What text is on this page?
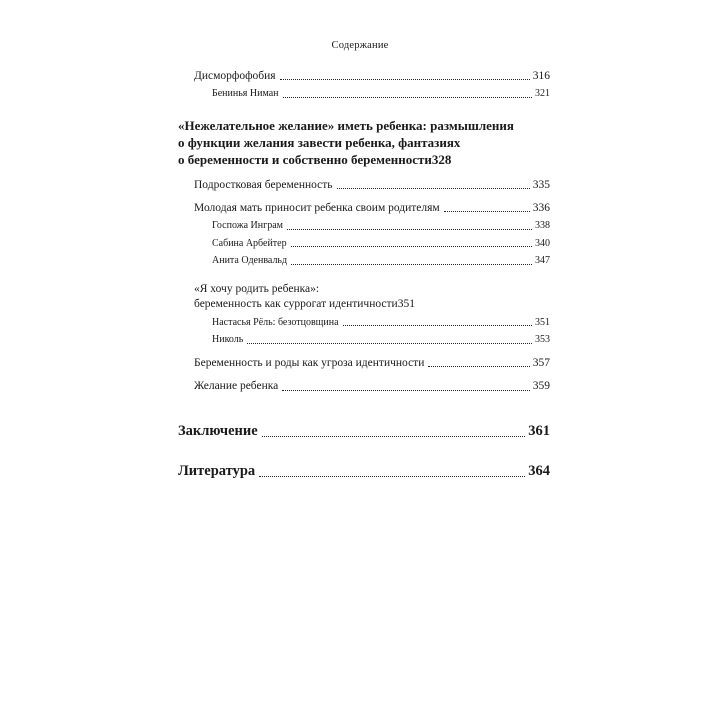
Содержание
Дисморфофобия	316
Бенинья Ниман	321
«Нежелательное желание» иметь ребенка: размышления
о функции желания завести ребенка, фантазиях
о беременности и собственно беременности 328
Подростковая беременность	335
Молодая мать приносит ребенка своим родителям	336
Госпожа Инграм	338
Сабина Арбейтер	340
Анита Оденвальд	347
«Я хочу родить ребенка»:
беременность как суррогат идентичности 351
Настасья Рёль: безотцовщина	351
Николь	353
Беременность и роды как угроза идентичности	357
Желание ребенка	359
Заключение	361
Литература	364
